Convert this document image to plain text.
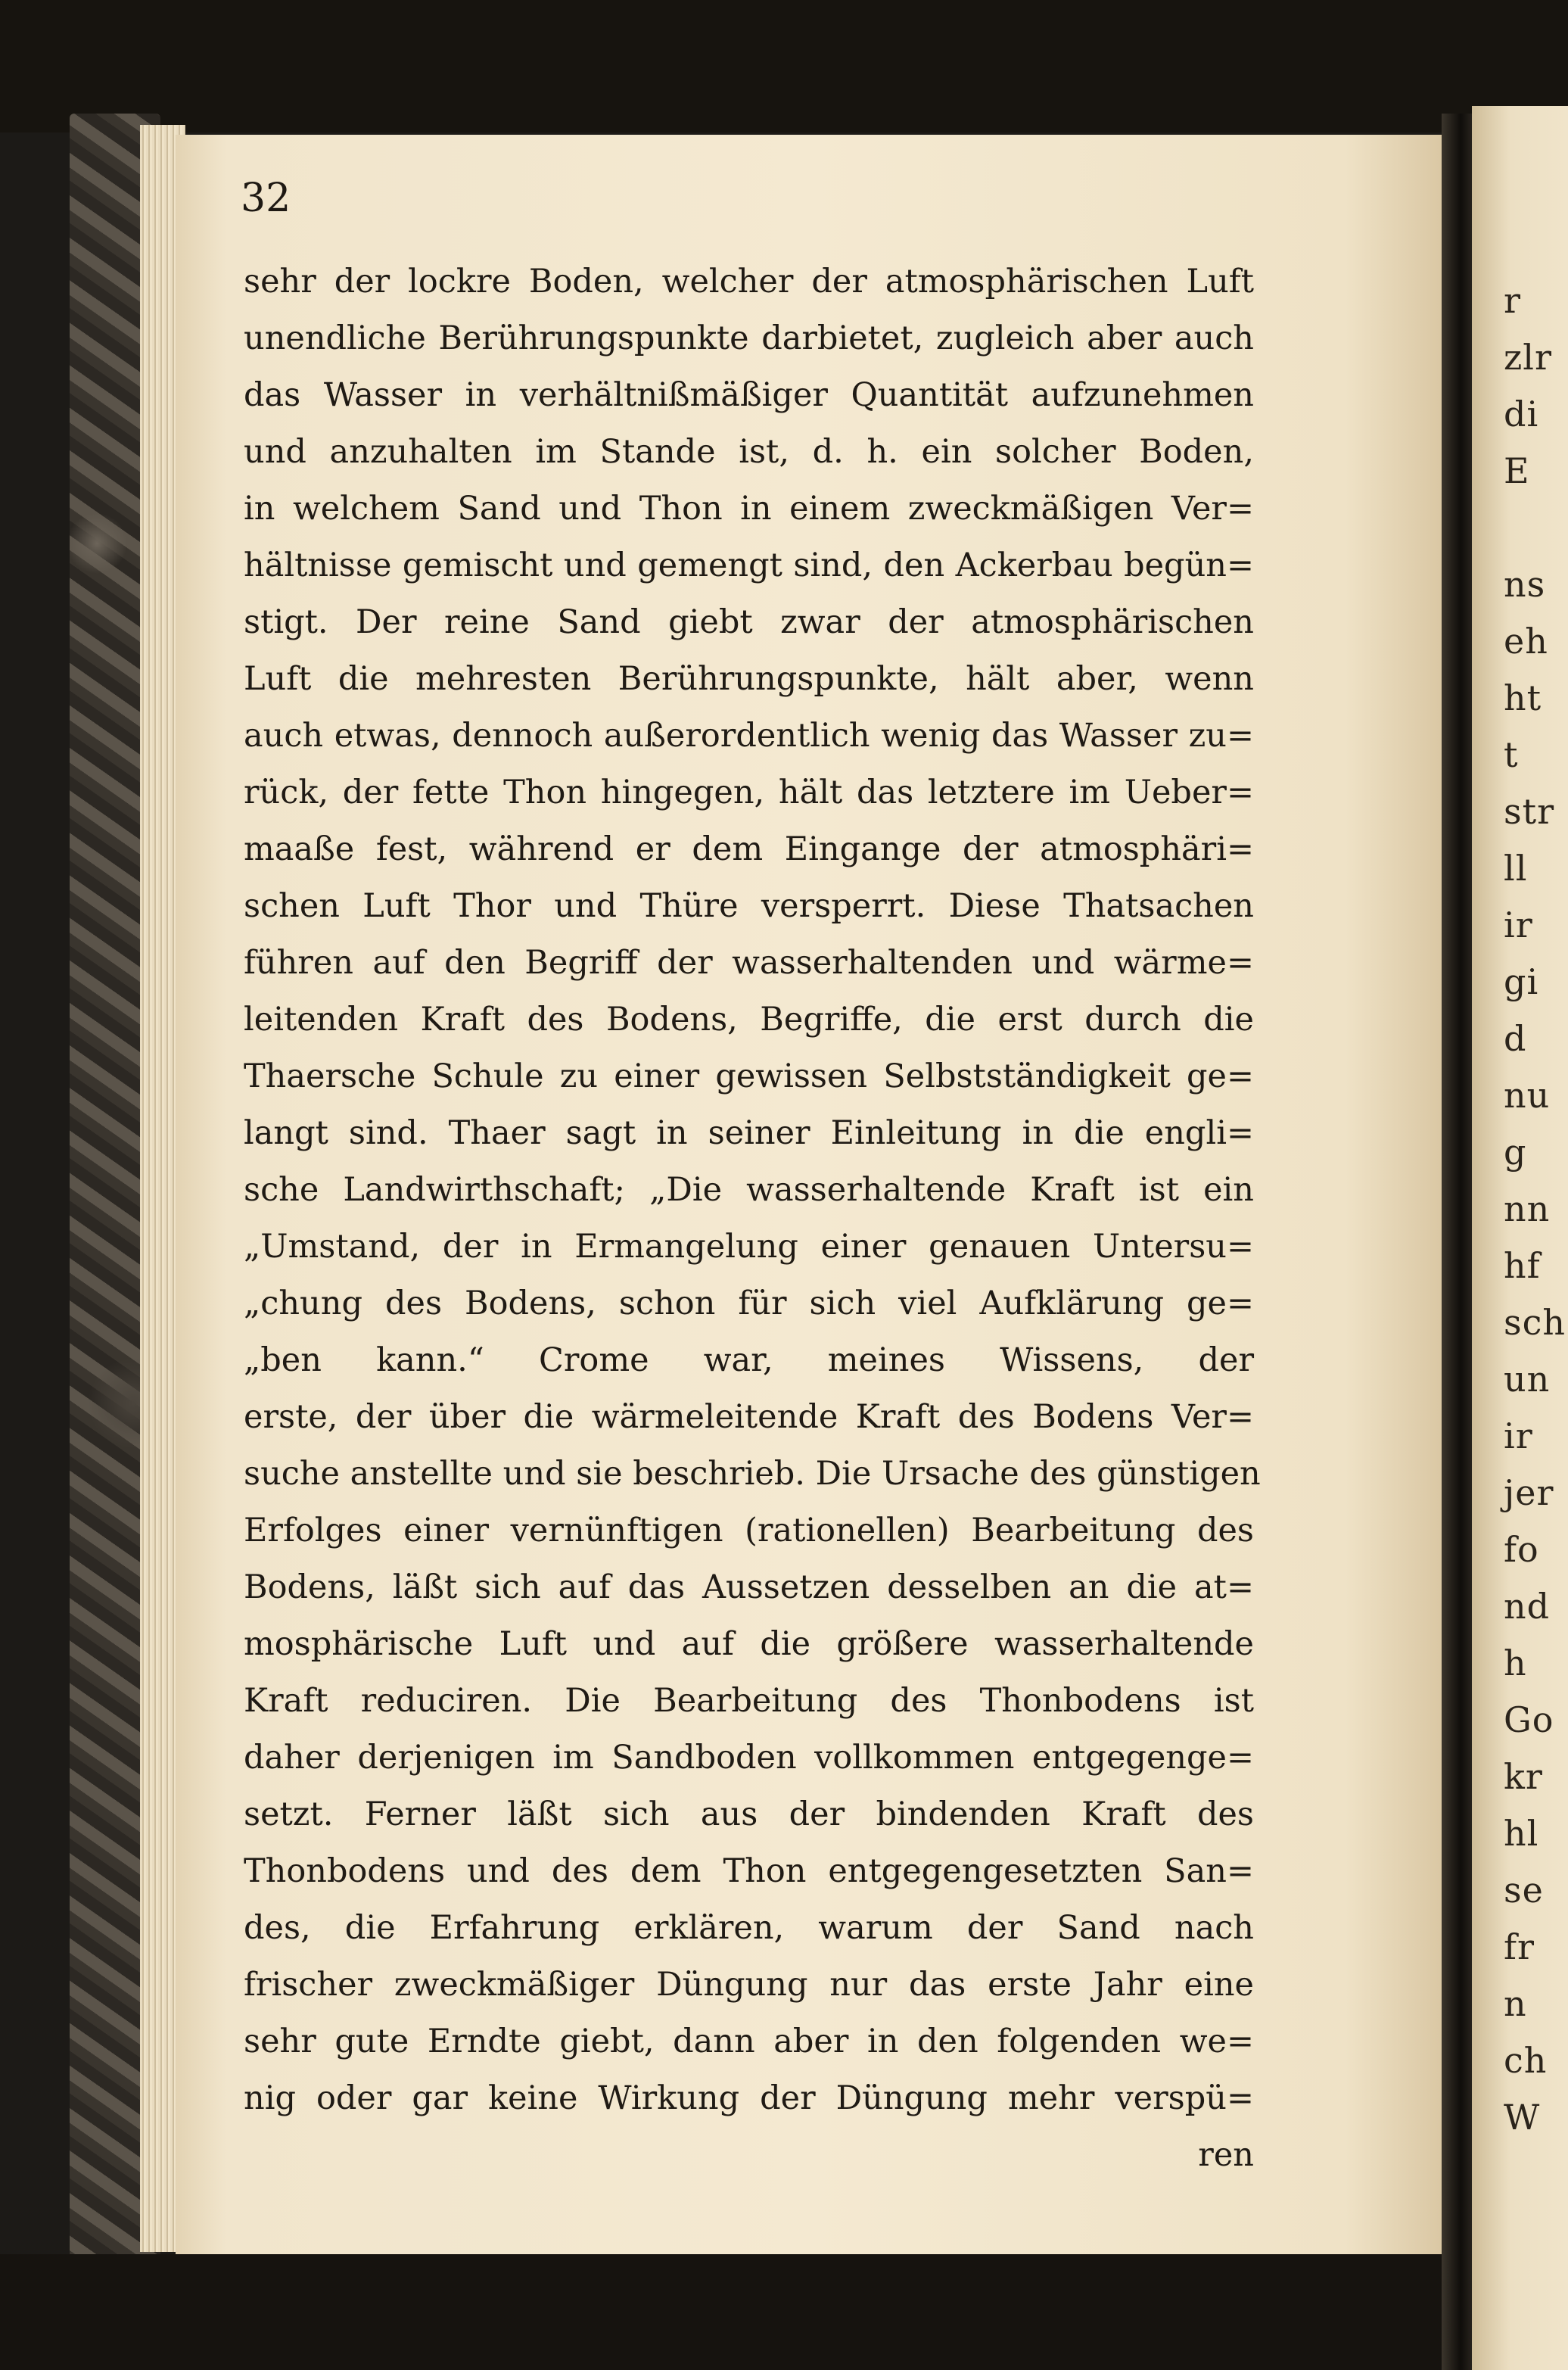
32
sehr der lockre Boden, welcher der atmosphärischen Luft
unendliche Berührungspunkte darbietet, zugleich aber auch
das Wasser in verhältnißmäßiger Quantität aufzunehmen
und anzuhalten im Stande ist, d. h. ein solcher Boden,
in welchem Sand und Thon in einem zweckmäßigen Ver=
hältnisse gemischt und gemengt sind, den Ackerbau begün=
stigt. Der reine Sand giebt zwar der atmosphärischen
Luft die mehresten Berührungspunkte, hält aber, wenn
auch etwas, dennoch außerordentlich wenig das Wasser zu=
rück, der fette Thon hingegen, hält das letztere im Ueber=
maaße fest, während er dem Eingange der atmosphäri=
schen Luft Thor und Thüre versperrt. Diese Thatsachen
führen auf den Begriff der wasserhaltenden und wärme=
leitenden Kraft des Bodens, Begriffe, die erst durch die
Thaersche Schule zu einer gewissen Selbstständigkeit ge=
langt sind. Thaer sagt in seiner Einleitung in die engli=
sche Landwirthschaft; „Die wasserhaltende Kraft ist ein
„Umstand, der in Ermangelung einer genauen Untersu=
„chung des Bodens, schon für sich viel Aufklärung ge=
„ben kann.“ Crome war, meines Wissens, der
erste, der über die wärmeleitende Kraft des Bodens Ver=
suche anstellte und sie beschrieb. Die Ursache des günstigen
Erfolges einer vernünftigen (rationellen) Bearbeitung des
Bodens, läßt sich auf das Aussetzen desselben an die at=
mosphärische Luft und auf die größere wasserhaltende
Kraft reduciren. Die Bearbeitung des Thonbodens ist
daher derjenigen im Sandboden vollkommen entgegenge=
setzt. Ferner läßt sich aus der bindenden Kraft des
Thonbodens und des dem Thon entgegengesetzten San=
des, die Erfahrung erklären, warum der Sand nach
frischer zweckmäßiger Düngung nur das erste Jahr eine
sehr gute Erndte giebt, dann aber in den folgenden we=
nig oder gar keine Wirkung der Düngung mehr verspü=
ren
r
zlr
di
E
ns
eh
ht
t
str
ll
ir
gi
d
nu
g
nn
hf
sch
un
ir
jer
fo
nd
h
Go
kr
hl
se
fr
n
ch
W
